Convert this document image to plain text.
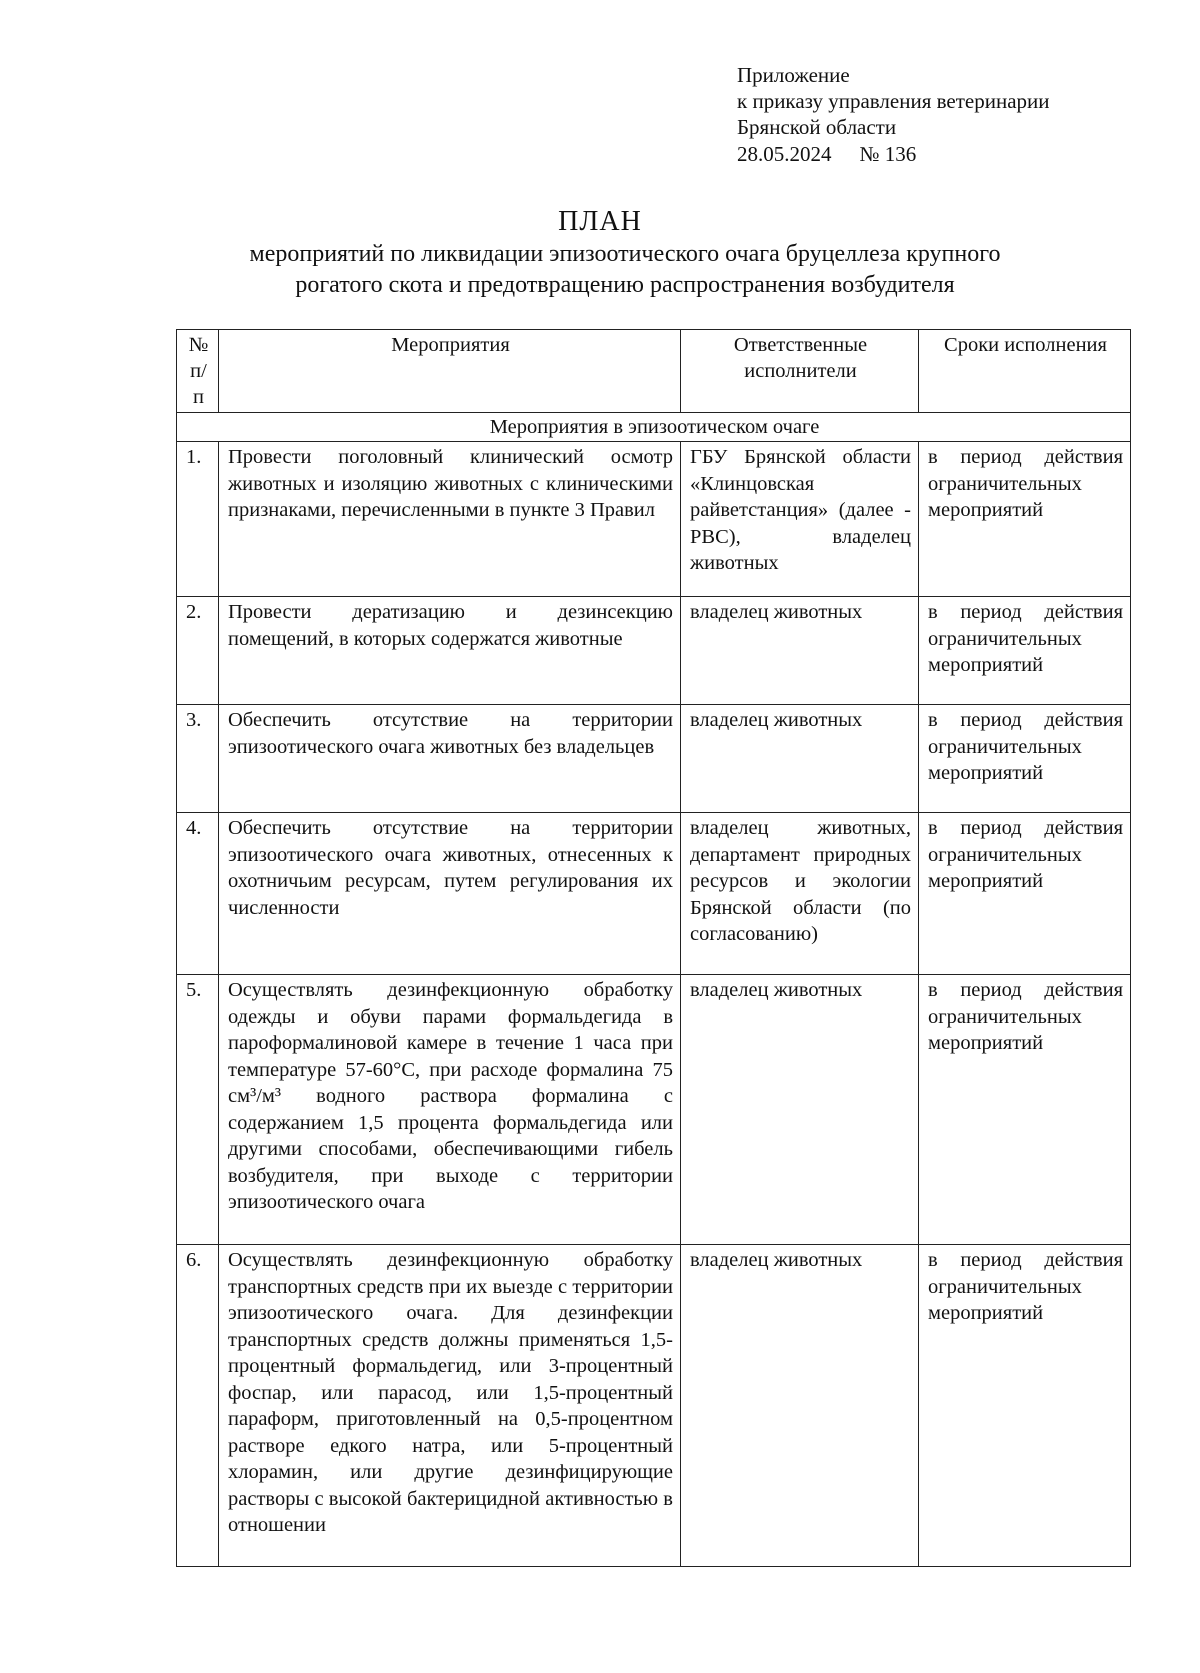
Приложение
к приказу управления ветеринарии
Брянской области
28.05.2024 № 136
ПЛАН
мероприятий по ликвидации эпизоотического очага бруцеллеза крупного
рогатого скота и предотвращению распространения возбудителя
№ п/п	Мероприятия	Ответственные исполнители	Сроки исполнения
Мероприятия в эпизоотическом очаге			
1.	Провести поголовный клинический осмотр животных и изоляцию животных с клиническими признаками, перечисленными в пункте 3 Правил	ГБУ Брянской области «Клинцовская райветстанция» (далее - РВС), владелец животных	в период действия ограничительных мероприятий
2.	Провести дератизацию и дезинсекцию помещений, в которых содержатся животные	владелец животных	в период действия ограничительных мероприятий
3.	Обеспечить отсутствие на территории эпизоотического очага животных без владельцев	владелец животных	в период действия ограничительных мероприятий
4.	Обеспечить отсутствие на территории эпизоотического очага животных, отнесенных к охотничьим ресурсам, путем регулирования их численности	владелец животных, департамент природных ресурсов и экологии Брянской области (по согласованию)	в период действия ограничительных мероприятий
5.	Осуществлять дезинфекционную обработку одежды и обуви парами формальдегида в пароформалиновой камере в течение 1 часа при температуре 57-60°С, при расходе формалина 75 см³/м³ водного раствора формалина с содержанием 1,5 процента формальдегида или другими способами, обеспечивающими гибель возбудителя, при выходе с территории эпизоотического очага	владелец животных	в период действия ограничительных мероприятий
6.	Осуществлять дезинфекционную обработку транспортных средств при их выезде с территории эпизоотического очага. Для дезинфекции транспортных средств должны применяться 1,5-процентный формальдегид, или 3-процентный фоспар, или парасод, или 1,5-процентный параформ, приготовленный на 0,5-процентном растворе едкого натра, или 5-процентный хлорамин, или другие дезинфицирующие растворы с высокой бактерицидной активностью в отношении	владелец животных	в период действия ограничительных мероприятий
